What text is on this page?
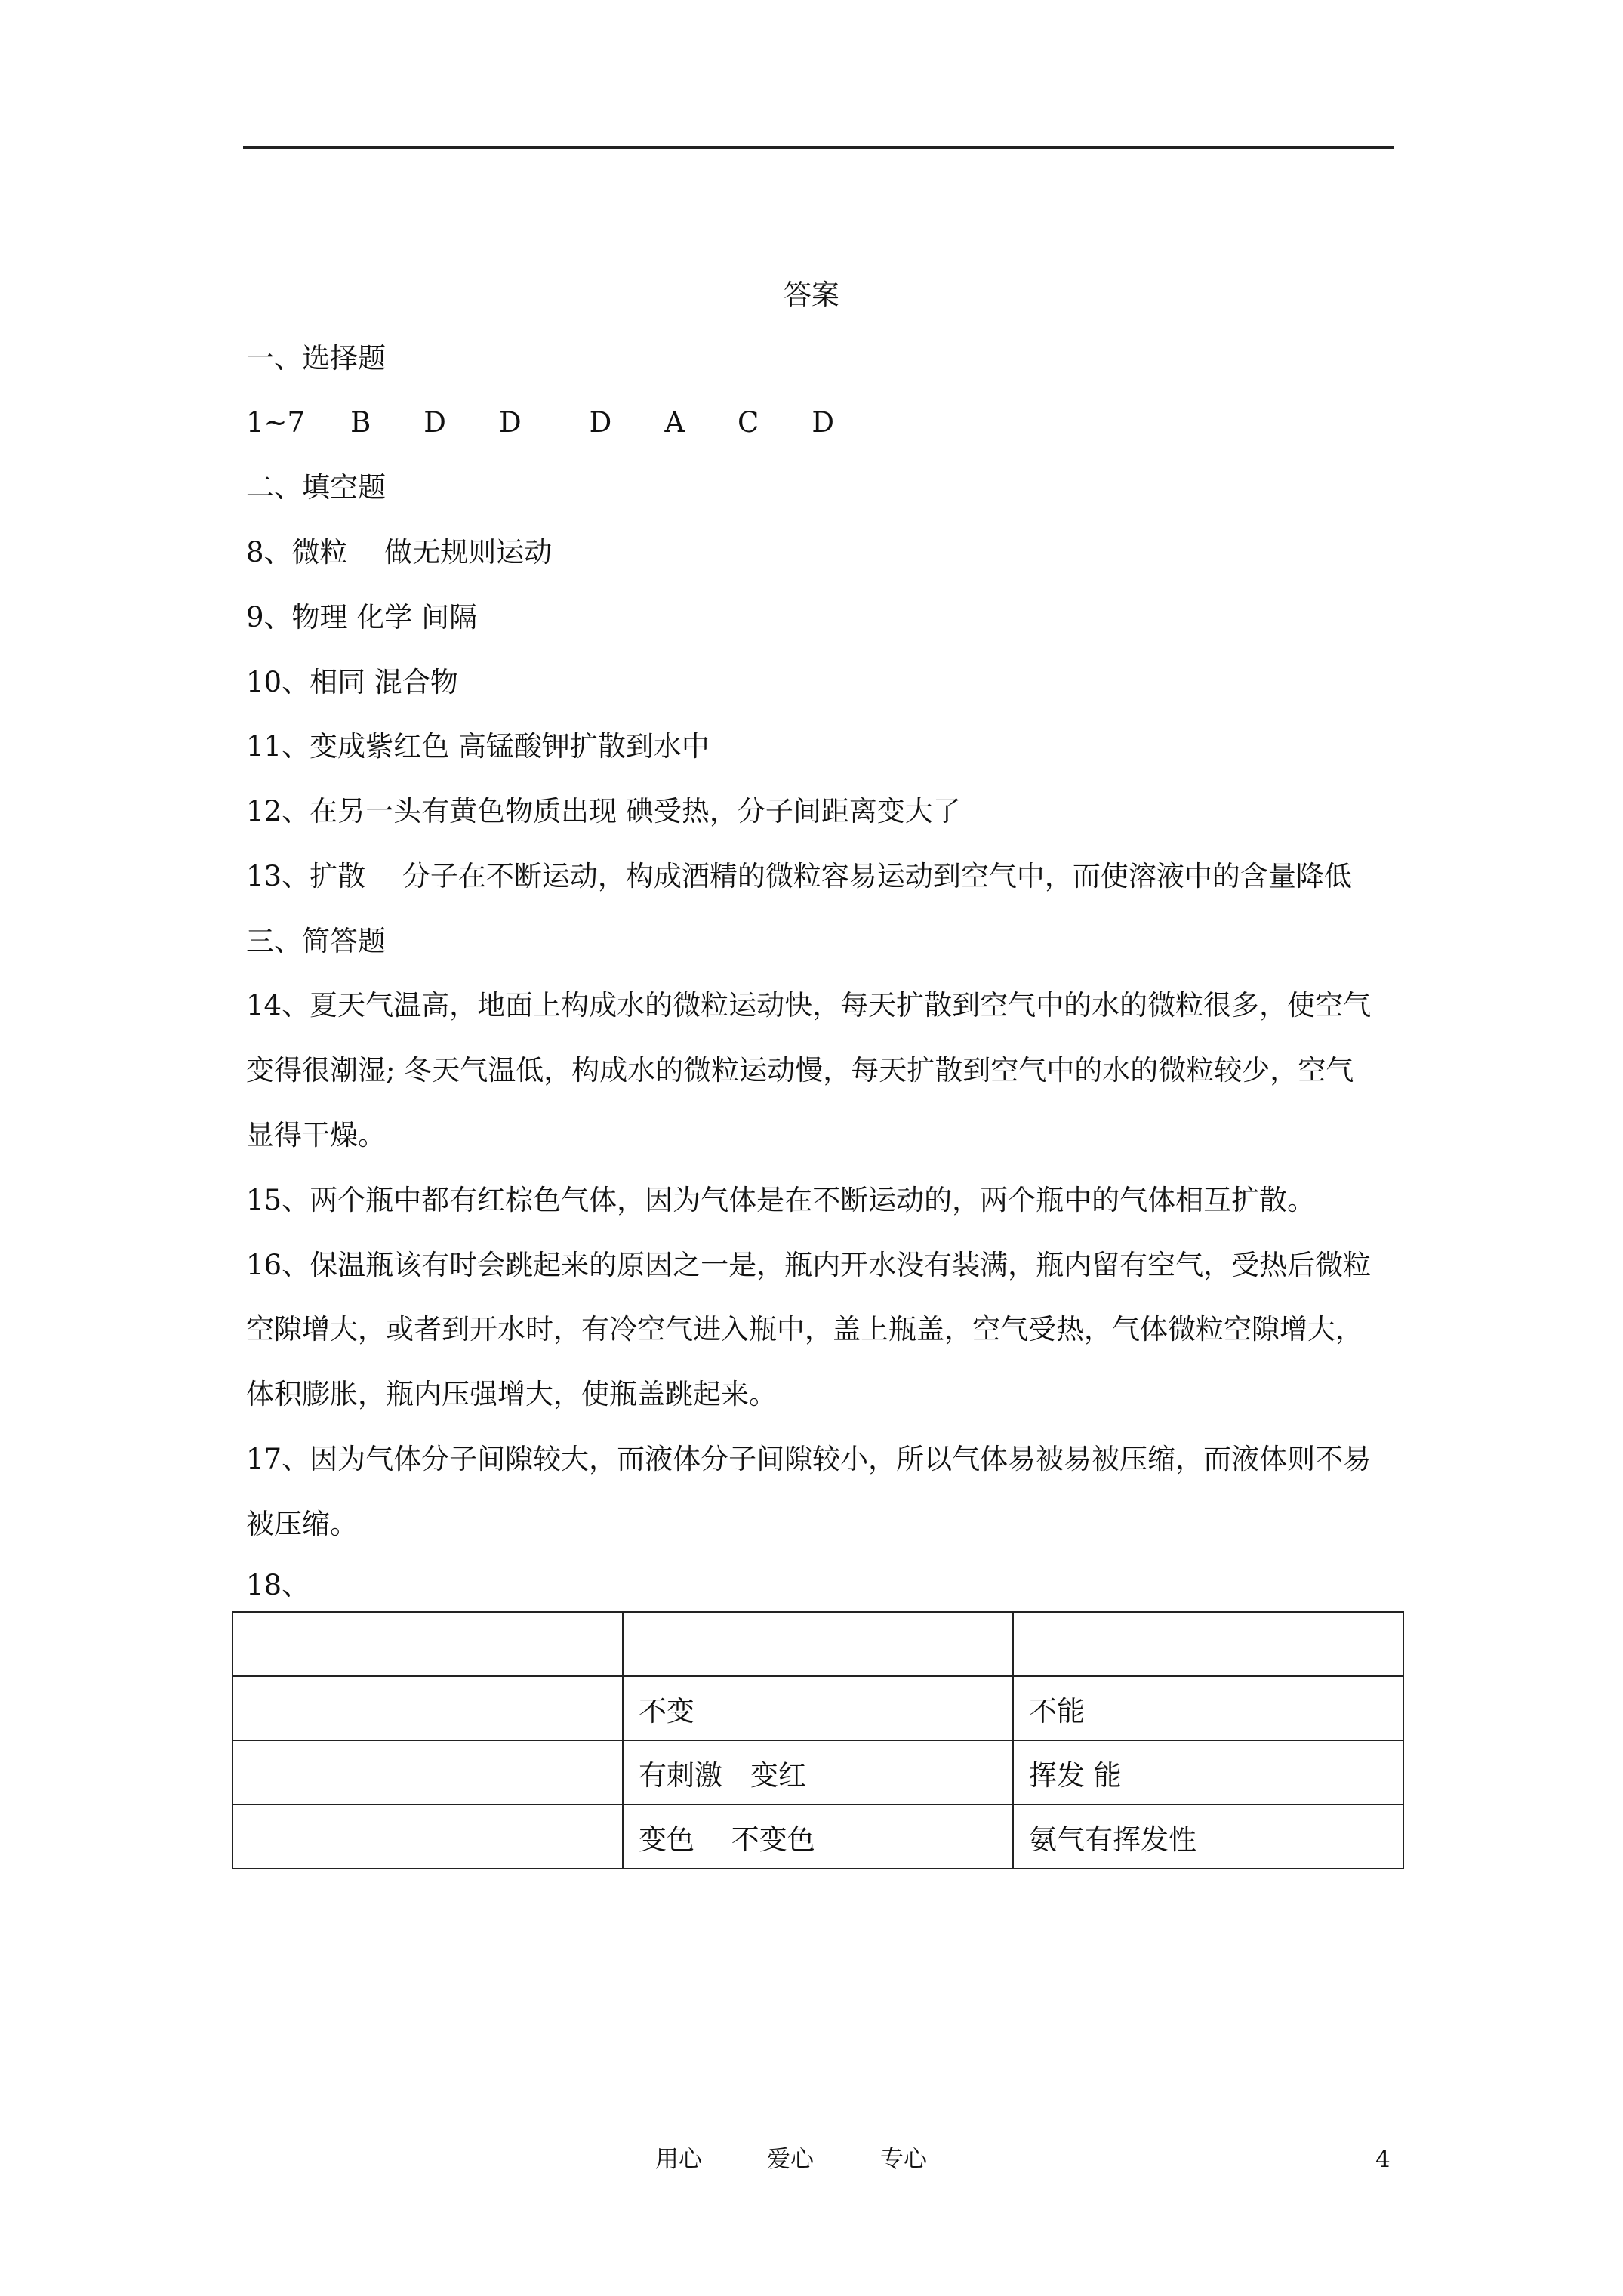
答案
一、选择题
1~7 B D D D A C D
二、填空题
8、微粒　 做无规则运动
9、物理 化学 间隔
10、相同 混合物
11、变成紫红色 高锰酸钾扩散到水中
12、在另一头有黄色物质出现 碘受热，分子间距离变大了
13、扩散　 分子在不断运动，构成酒精的微粒容易运动到空气中，而使溶液中的含量降低
三、简答题
14、夏天气温高，地面上构成水的微粒运动快，每天扩散到空气中的水的微粒很多，使空气
变得很潮湿; 冬天气温低，构成水的微粒运动慢，每天扩散到空气中的水的微粒较少，空气
显得干燥。
15、两个瓶中都有红棕色气体，因为气体是在不断运动的，两个瓶中的气体相互扩散。
16、保温瓶该有时会跳起来的原因之一是，瓶内开水没有装满，瓶内留有空气，受热后微粒
空隙增大，或者到开水时，有冷空气进入瓶中，盖上瓶盖，空气受热，气体微粒空隙增大，
体积膨胀，瓶内压强增大，使瓶盖跳起来。
17、因为气体分子间隙较大，而液体分子间隙较小，所以气体易被易被压缩，而液体则不易
被压缩。
18、

	不变	不能
	有刺激　变红	挥发 能
	变色　 不变色	氨气有挥发性
用心	爱心	专心	4
